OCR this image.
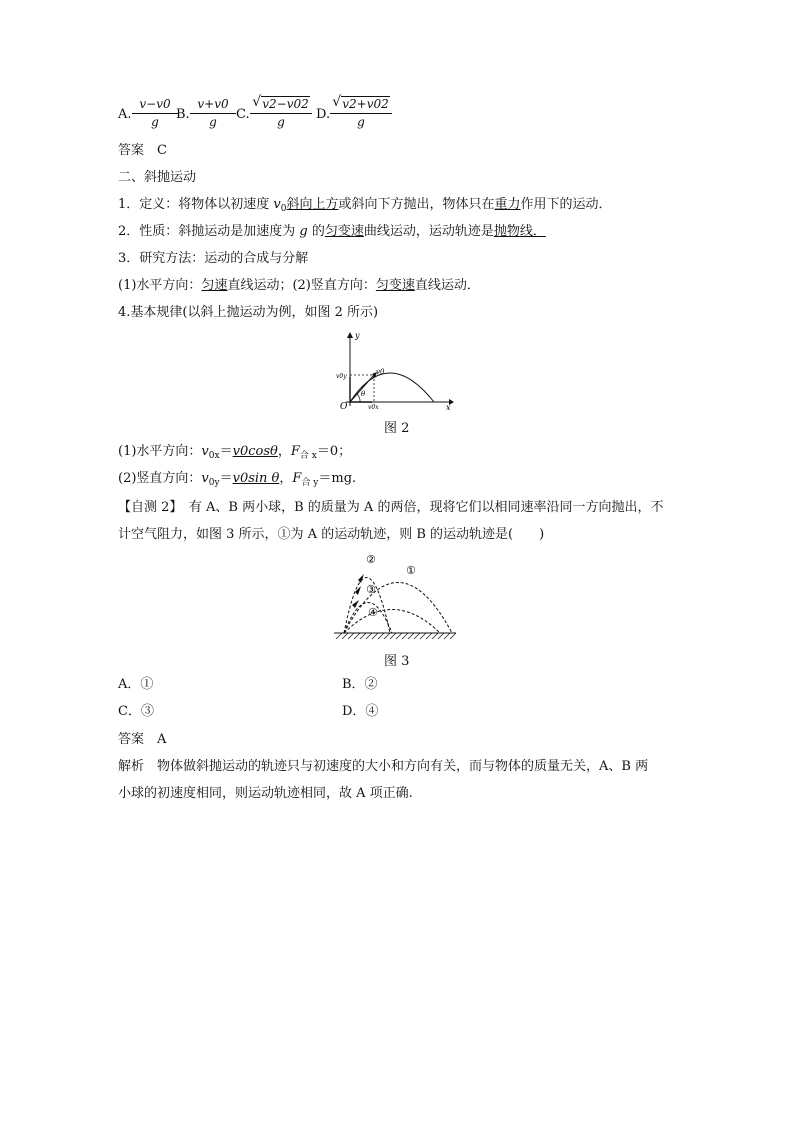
A.
v−v0
g	B.
v+v0
g	C.
√ v2−v02
g	D.
√ v2+v02
g
答案　C
二、斜抛运动
1．定义：将物体以初速度 $v_0$斜向上方或斜向下方抛出，物体只在重力作用下的运动．
2．性质：斜抛运动是加速度为 g 的匀变速曲线运动，运动轨迹是抛物线．
3．研究方法：运动的合成与分解
(1)水平方向：匀速直线运动；(2)竖直方向：匀变速直线运动．
4.基本规律(以斜上抛运动为例，如图 2 所示)
y
x
O
v0
v0y
v0x
θ
图 2
(1)水平方向：$v_{0x}=v0\cos\theta$，$F_{合 x}=0$；
(2)竖直方向：$v_{0y}=v0\sin$ θ，$F_{合 y}=mg$.
【自测 2】　有 A、B 两小球，B 的质量为 A 的两倍，现将它们以相同速率沿同一方向抛出，不
计空气阻力，如图 3 所示，①为 A 的运动轨迹，则 B 的运动轨迹是(　　)
①
②
③
④
图 3
A．①	B．②
C．③	D．④
答案　A
解析　物体做斜抛运动的轨迹只与初速度的大小和方向有关，而与物体的质量无关，A、B 两
小球的初速度相同，则运动轨迹相同，故 A 项正确.
